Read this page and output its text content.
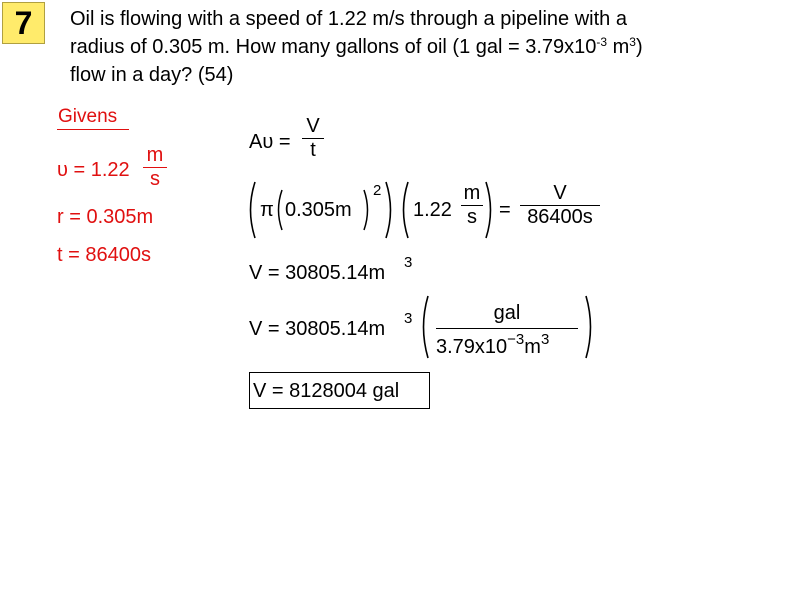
7	Oil is flowing with a speed of 1.22 m/s through a pipeline with a
radius of 0.305 m. How many gallons of oil (1 gal = $3.79x10^{-3}$ $m^3$)
flow in a day? (54)
Givens
υ = 1.22
m
s
r = 0.305m
t = 86400s
Aυ =
V
t
π 0.305m
2
1.22
m
s	=
V
86400s
V = 30805.14m 3
V = 30805.14m 3	gal
$3.79x10^{-3}m^3$
V = 8128004 gal
